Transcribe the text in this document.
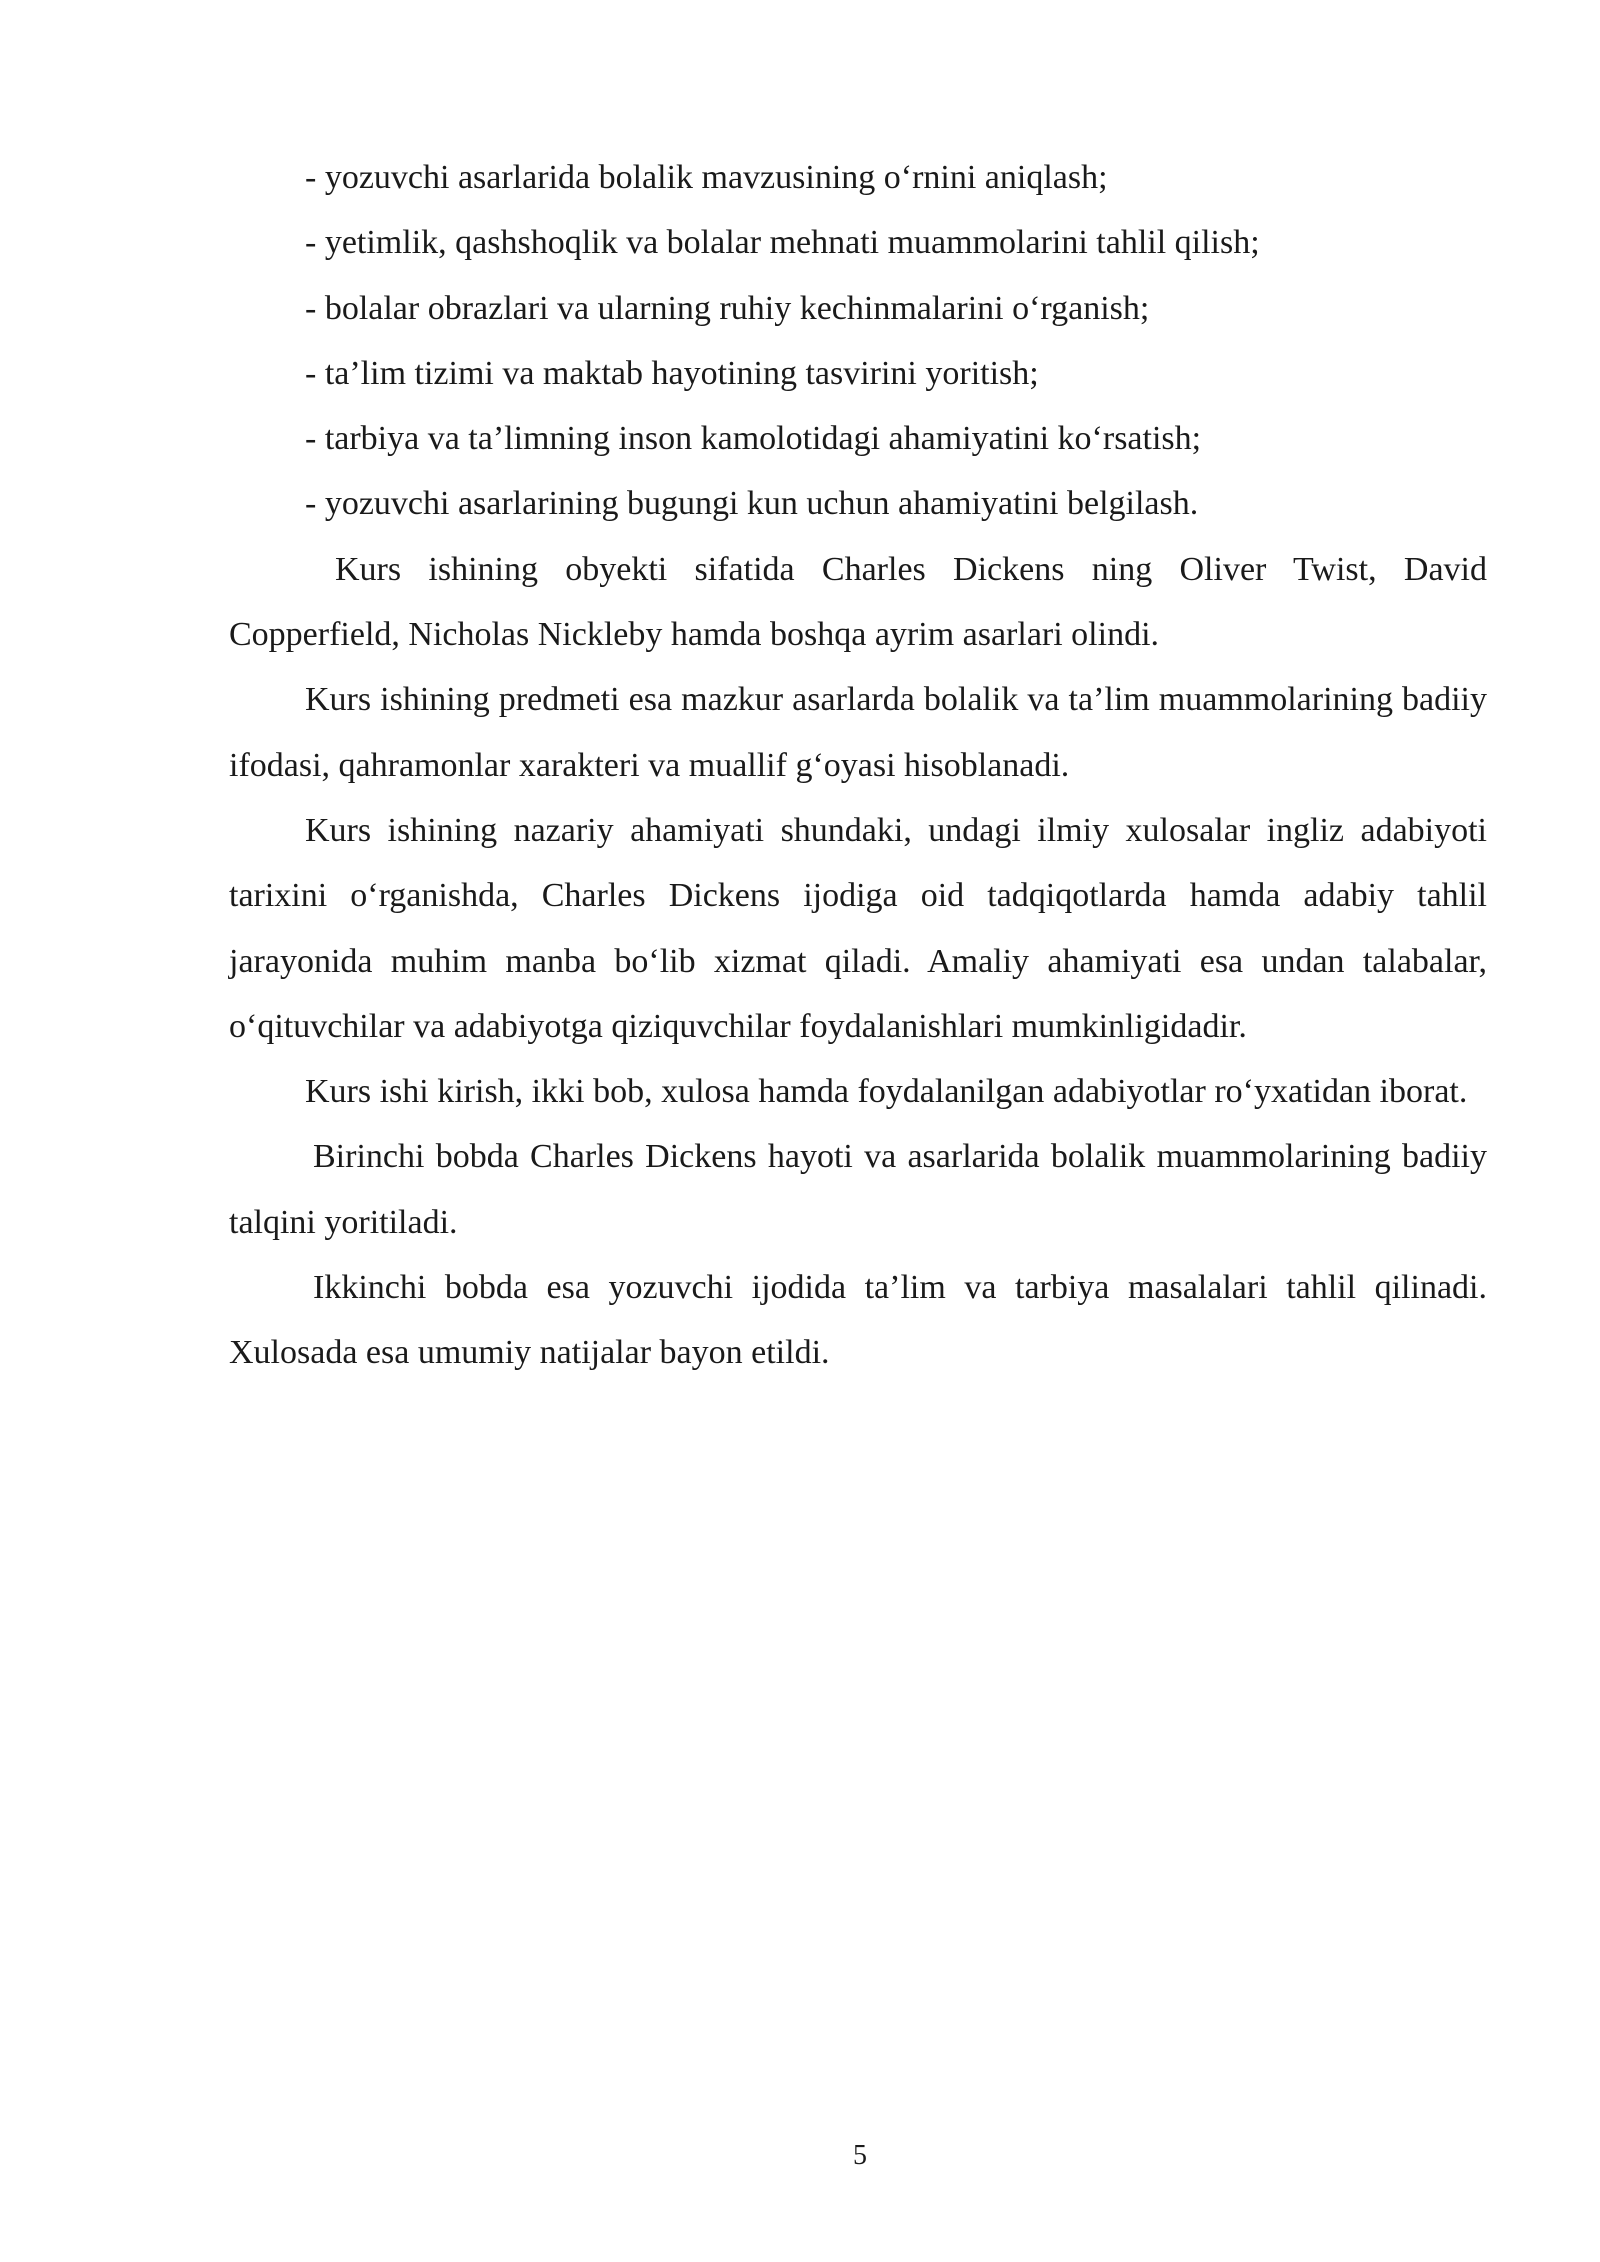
- yozuvchi asarlarida bolalik mavzusining o‘rnini aniqlash;
- yetimlik, qashshoqlik va bolalar mehnati muammolarini tahlil qilish;
- bolalar obrazlari va ularning ruhiy kechinmalarini o‘rganish;
- ta’lim tizimi va maktab hayotining tasvirini yoritish;
- tarbiya va ta’limning inson kamolotidagi ahamiyatini ko‘rsatish;
- yozuvchi asarlarining bugungi kun uchun ahamiyatini belgilash.

Kurs ishining obyekti sifatida Charles Dickens ning Oliver Twist, David Copperfield, Nicholas Nickleby hamda boshqa ayrim asarlari olindi.

Kurs ishining predmeti esa mazkur asarlarda bolalik va ta’lim muammolarining badiiy ifodasi, qahramonlar xarakteri va muallif g‘oyasi hisoblanadi.

Kurs ishining nazariy ahamiyati shundaki, undagi ilmiy xulosalar ingliz adabiyoti tarixini o‘rganishda, Charles Dickens ijodiga oid tadqiqotlarda hamda adabiy tahlil jarayonida muhim manba bo‘lib xizmat qiladi. Amaliy ahamiyati esa undan talabalar, o‘qituvchilar va adabiyotga qiziquvchilar foydalanishlari mumkinligidadir.

Kurs ishi kirish, ikki bob, xulosa hamda foydalanilgan adabiyotlar ro‘yxatidan iborat.

Birinchi bobda Charles Dickens hayoti va asarlarida bolalik muammolarining badiiy talqini yoritiladi.

Ikkinchi bobda esa yozuvchi ijodida ta’lim va tarbiya masalalari tahlil qilinadi. Xulosada esa umumiy natijalar bayon etildi.

5
